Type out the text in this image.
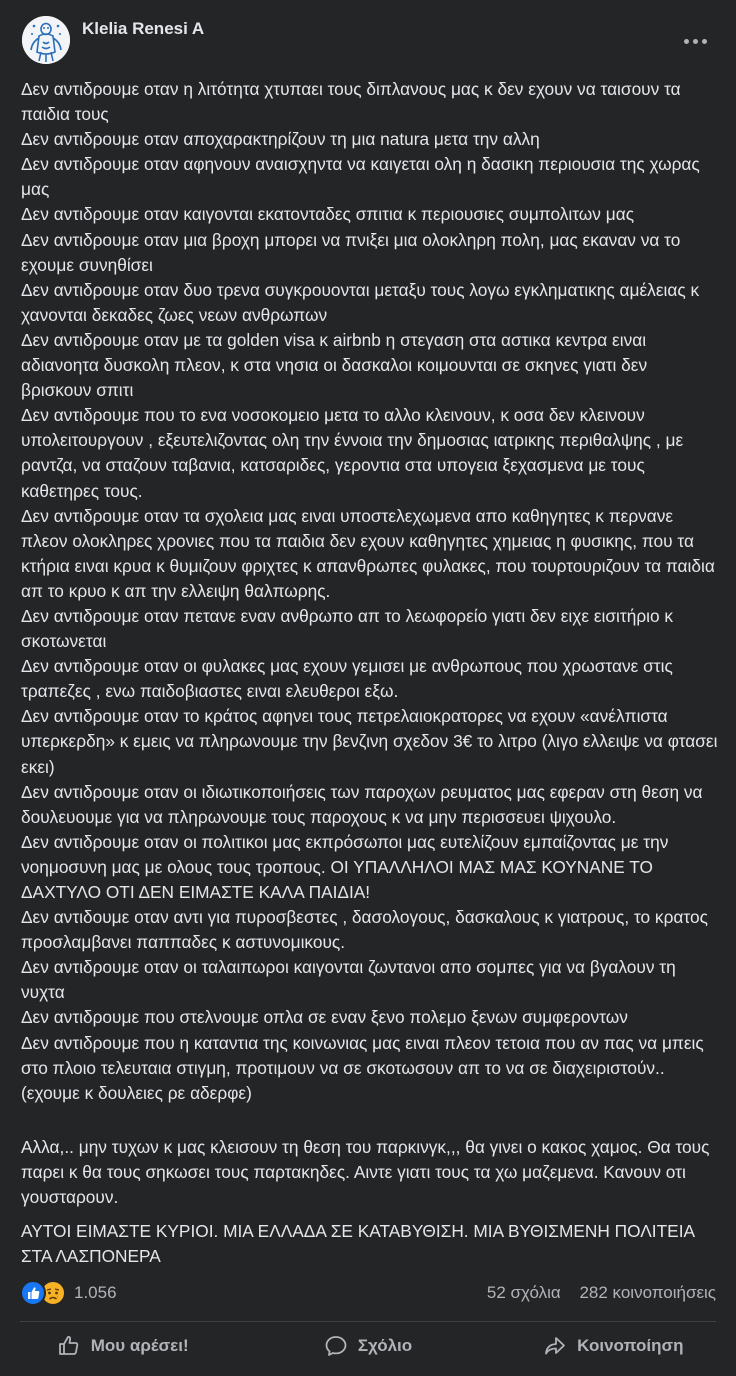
Klelia Renesi A

Δεν αντιδρουμε οταν η λιτότητα χτυπαει τους διπλανους μας κ δεν εχουν να ταισουν τα παιδια τους

Δεν αντιδρουμε οταν αποχαρακτηρίζουν τη μια natura μετα την αλλη

Δεν αντιδρουμε οταν αφηνουν αναισχηντα να καιγεται ολη η δασικη περιουσια της χωρας μας

Δεν αντιδρουμε οταν καιγονται εκατονταδες σπιτια κ περιουσιες συμπολιτων μας

Δεν αντιδρουμε οταν μια βροχη μπορει να πνιξει μια ολοκληρη πολη, μας εκαναν να το εχουμε συνηθίσει

Δεν αντιδρουμε οταν δυο τρενα συγκρουονται μεταξυ τους λογω εγκληματικης αμέλειας κ χανονται δεκαδες ζωες νεων ανθρωπων

Δεν αντιδρουμε οταν με τα golden visa κ airbnb η στεγαση στα αστικα κεντρα ειναι αδιανοητα δυσκολη πλεον, κ στα νησια οι δασκαλοι κοιμουνται σε σκηνες γιατι δεν βρισκουν σπιτι

Δεν αντιδρουμε που το ενα νοσοκομειο μετα το αλλο κλεινουν, κ οσα δεν κλεινουν υπολειτουργουν , εξευτελιζοντας ολη την έννοια την δημοσιας ιατρικης περιθαλψης , με ραντζα, να σταζουν ταβανια, κατσαριδες, γεροντια στα υπογεια ξεχασμενα με τους καθετηρες τους.

Δεν αντιδρουμε οταν τα σχολεια μας ειναι υποστελεχωμενα απο καθηγητες κ περνανε πλεον ολοκληρες χρονιες που τα παιδια δεν εχουν καθηγητες χημειας η φυσικης, που τα κτήρια ειναι κρυα κ θυμιζουν φριχτες κ απανθρωπες φυλακες, που τουρτουριζουν τα παιδια απ το κρυο κ απ την ελλειψη θαλπωρης.

Δεν αντιδρουμε οταν πετανε εναν ανθρωπο απ το λεωφορείο γιατι δεν ειχε εισιτήριο κ σκοτωνεται

Δεν αντιδρουμε οταν οι φυλακες μας εχουν γεμισει με ανθρωπους που χρωστανε στις τραπεζες , ενω παιδοβιαστες ειναι ελευθεροι εξω.

Δεν αντιδρουμε οταν το κράτος αφηνει τους πετρελαιοκρατορες να εχουν «ανέλπιστα υπερκερδη» κ εμεις να πληρωνουμε την βενζινη σχεδον 3€ το λιτρο (λιγο ελλειψε να φτασει εκει)

Δεν αντιδρουμε οταν οι ιδιωτικοποιήσεις των παροχων ρευματος μας εφεραν στη θεση να δουλευουμε για να πληρωνουμε τους παροχους κ να μην περισσευει ψιχουλο.

Δεν αντιδρουμε οταν οι πολιτικοι μας εκπρόσωποι μας ευτελίζουν εμπαίζοντας με την νοημοσυνη μας με ολους τους τροπους. ΟΙ ΥΠΑΛΛΗΛΟΙ ΜΑΣ ΜΑΣ ΚΟΥΝΑΝΕ ΤΟ ΔΑΧΤΥΛΟ ΟΤΙ ΔΕΝ ΕΙΜΑΣΤΕ ΚΑΛΑ ΠΑΙΔΙΑ!

Δεν αντιδουμε οταν αντι για πυροσβεστες , δασολογους, δασκαλους κ γιατρους, το κρατος προσλαμβανει παππαδες κ αστυνομικους.

Δεν αντιδρουμε οταν οι ταλαιπωροι καιγονται ζωντανοι απο σομπες για να βγαλουν τη νυχτα

Δεν αντιδρουμε που στελνουμε οπλα σε εναν ξενο πολεμο ξενων συμφεροντων

Δεν αντιδρουμε που η καταντια της κοινωνιας μας ειναι πλεον τετοια που αν πας να μπεις στο πλοιο τελευταια στιγμη, προτιμουν να σε σκοτωσουν απ το να σε διαχειριστούν..(εχουμε κ δουλειες ρε αδερφε)

Αλλα,.. μην τυχων κ μας κλεισουν τη θεση του παρκινγκ,,, θα γινει ο κακος χαμος. Θα τους παρει κ θα τους σηκωσει τους παρτακηδες. Αιντε γιατι τους τα χω μαζεμενα. Κανουν οτι γουσταρουν.
ΑΥΤΟΙ ΕΙΜΑΣΤΕ ΚΥΡΙΟΙ. ΜΙΑ ΕΛΛΑΔΑ ΣΕ ΚΑΤΑΒΥΘΙΣΗ. ΜΙΑ ΒΥΘΙΣΜΕΝΗ ΠΟΛΙΤΕΙΑ ΣΤΑ ΛΑΣΠΟΝΕΡΑ
1.056	52 σχόλια 282 κοινοποιήσεις
Μου αρέσει!	Σχόλιο	Κοινοποίηση
